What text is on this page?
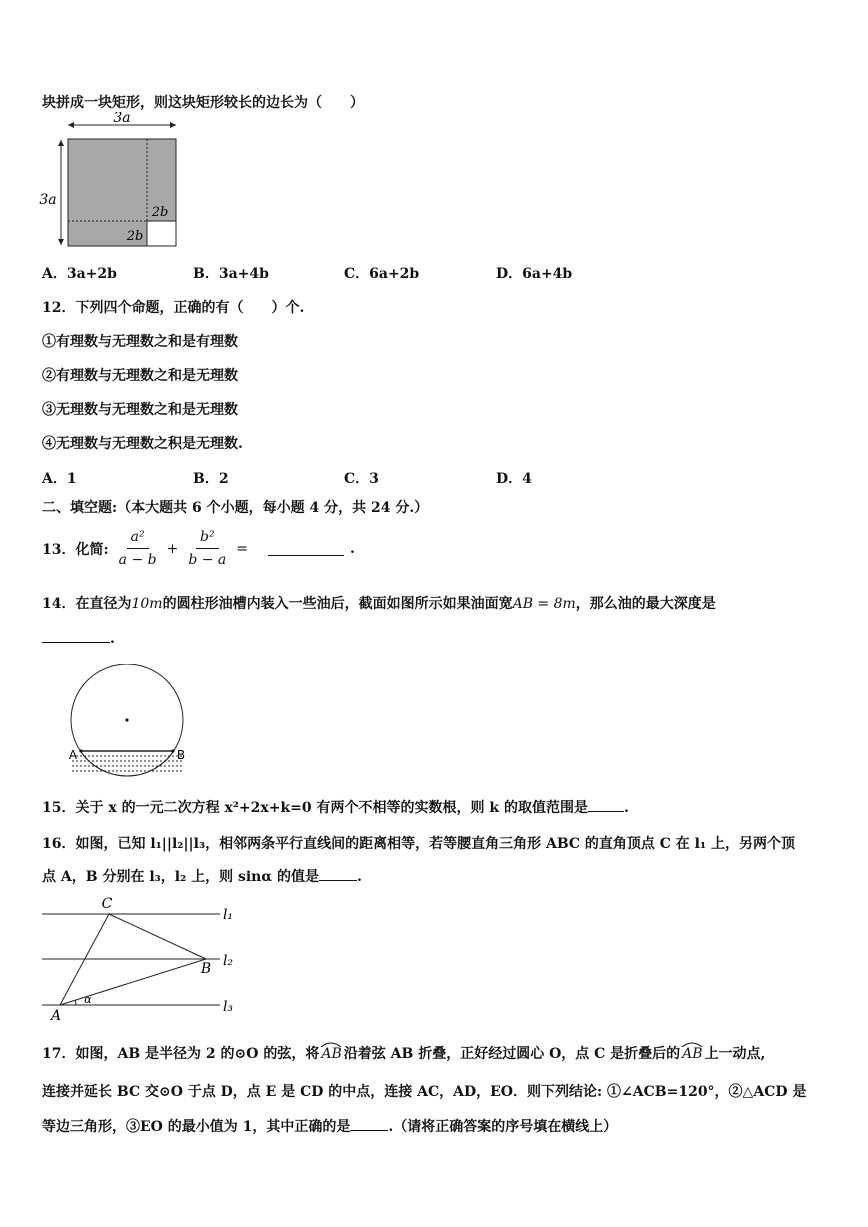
块拼成一块矩形，则这块矩形较长的边长为（　　）
3a
3a
2b
2b
A．3a+2b	B．3a+4b	C．6a+2b	D．6a+4b
12．下列四个命题，正确的有（　　）个.
①有理数与无理数之和是有理数
②有理数与无理数之和是无理数
③无理数与无理数之和是无理数
④无理数与无理数之积是无理数.
A．1	B．2	C．3	D．4
二、填空题:（本大题共 6 个小题，每小题 4 分，共 24 分.）
13．化简: $\frac{\text{a²}}{a - b} + \frac{\text{b²}}{b - a}$ =	.
14．在直径为10m的圆柱形油槽内装入一些油后，截面如图所示如果油面宽AB = 8m，那么油的最大深度是
.
A	B
15．关于 x 的一元二次方程 x²+2x+k=0 有两个不相等的实数根，则 k 的取值范围是	.
16．如图，已知 l₁||l₂||l₃，相邻两条平行直线间的距离相等，若等腰直角三角形 ABC 的直角顶点 C 在 l₁ 上，另两个顶
点 A，B 分别在 l₃，l₂ 上，则 sinα 的值是	.
C
B
A
α
l₁
l₂
l₃
17．如图，AB 是半径为 2 的⊙O 的弦，将 AB 沿着弦 AB 折叠，正好经过圆心 O，点 C 是折叠后的 AB 上一动点,
连接并延长 BC 交⊙O 于点 D，点 E 是 CD 的中点，连接 AC，AD，EO．则下列结论: ①∠ACB=120°，②△ACD 是
等边三角形，③EO 的最小值为 1，其中正确的是	.（请将正确答案的序号填在横线上）
